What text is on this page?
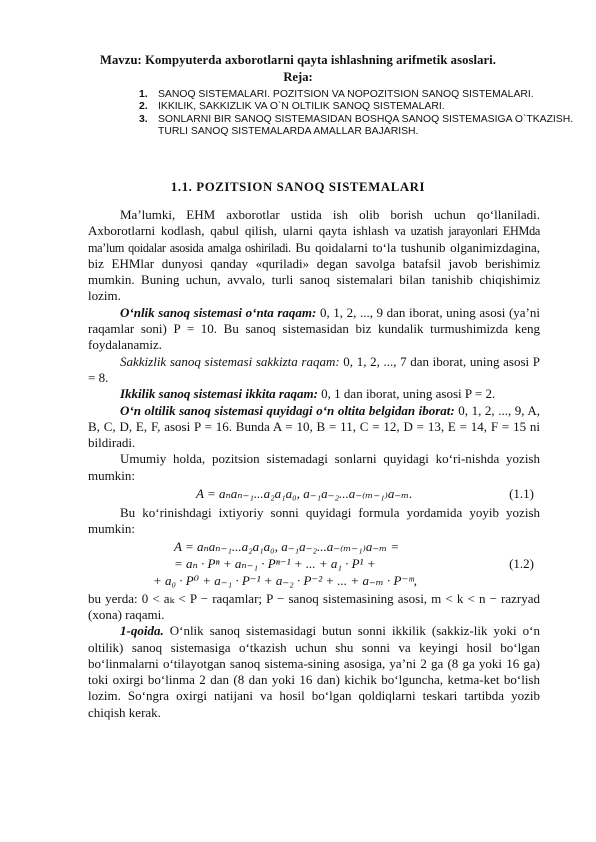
Mavzu: Kompyuterda axborotlarni qayta ishlashning arifmetik asoslari.
Reja:
1. SANOQ SISTEMALARI. POZITSION VA NOPOZITSION SANOQ SISTEMALARI.
2. IKKILIK, SAKKIZLIK VA O`N OLTILIK SANOQ SISTEMALARI.
3. SONLARNI BIR SANOQ SISTEMASIDAN BOSHQA SANOQ SISTEMASIGA O`TKAZISH. TURLI SANOQ SISTEMALARDA AMALLAR BAJARISH.
1.1. POZITSION SANOQ SISTEMALARI

Ma’lumki, EHM axborotlar ustida ish olib borish uchun qo‘llaniladi. Axborotlarni kodlash, qabul qilish, ularni qayta ishlash va uzatish jarayonlari EHMda ma’lum qoidalar asosida amalga oshiriladi. Bu qoidalarni to‘la tushunib olganimizdagina, biz EHMlar dunyosi qanday «quriladi» degan savolga batafsil javob berishimiz mumkin. Buning uchun, avvalo, turli sanoq sistemalari bilan tanishib chiqishimiz lozim.

O‘nlik sanoq sistemasi o‘nta raqam: 0, 1, 2, ..., 9 dan iborat, uning asosi (ya’ni raqamlar soni) P = 10. Bu sanoq sistemasidan biz kundalik turmushimizda keng foydalanamiz.

Sakkizlik sanoq sistemasi sakkizta raqam: 0, 1, 2, ..., 7 dan iborat, uning asosi P = 8.

Ikkilik sanoq sistemasi ikkita raqam: 0, 1 dan iborat, uning asosi P = 2.

O‘n oltilik sanoq sistemasi quyidagi o‘n oltita belgidan iborat: 0, 1, 2, ..., 9, A, B, C, D, E, F, asosi P = 16. Bunda A = 10, B = 11, C = 12, D = 13, E = 14, F = 15 ni bildiradi.

Umumiy holda, pozitsion sistemadagi sonlarni quyidagi ko‘ri-nishda yozish mumkin:

A = aₙaₙ₋₁...a₂a₁a₀, a₋₁a₋₂...a₋₍ₘ₋₁₎a₋ₘ.	(1.1)

Bu ko‘rinishdagi ixtiyoriy sonni quyidagi formula yordamida yoyib yozish mumkin:

A = aₙaₙ₋₁...a₂a₁a₀, a₋₁a₋₂...a₋₍ₘ₋₁₎a₋ₘ =
= aₙ · Pⁿ + aₙ₋₁ · Pⁿ⁻¹ + ... + a₁ · P¹ +
+ a₀ · P⁰ + a₋₁ · P⁻¹ + a₋₂ · P⁻² + ... + a₋ₘ · P⁻ᵐ,
(1.2)

bu yerda: 0 < aₖ < P − raqamlar; P − sanoq sistemasining asosi, m < k < n − razryad (xona) raqami.

1-qoida. O‘nlik sanoq sistemasidagi butun sonni ikkilik (sakkiz-lik yoki o‘n oltilik) sanoq sistemasiga o‘tkazish uchun shu sonni va keyingi hosil bo‘lgan bo‘linmalarni o‘tilayotgan sanoq sistema-sining asosiga, ya’ni 2 ga (8 ga yoki 16 ga) toki oxirgi bo‘linma 2 dan (8 dan yoki 16 dan) kichik bo‘lguncha, ketma-ket bo‘lish lozim. So‘ngra oxirgi natijani va hosil bo‘lgan qoldiqlarni teskari tartibda yozib chiqish kerak.
